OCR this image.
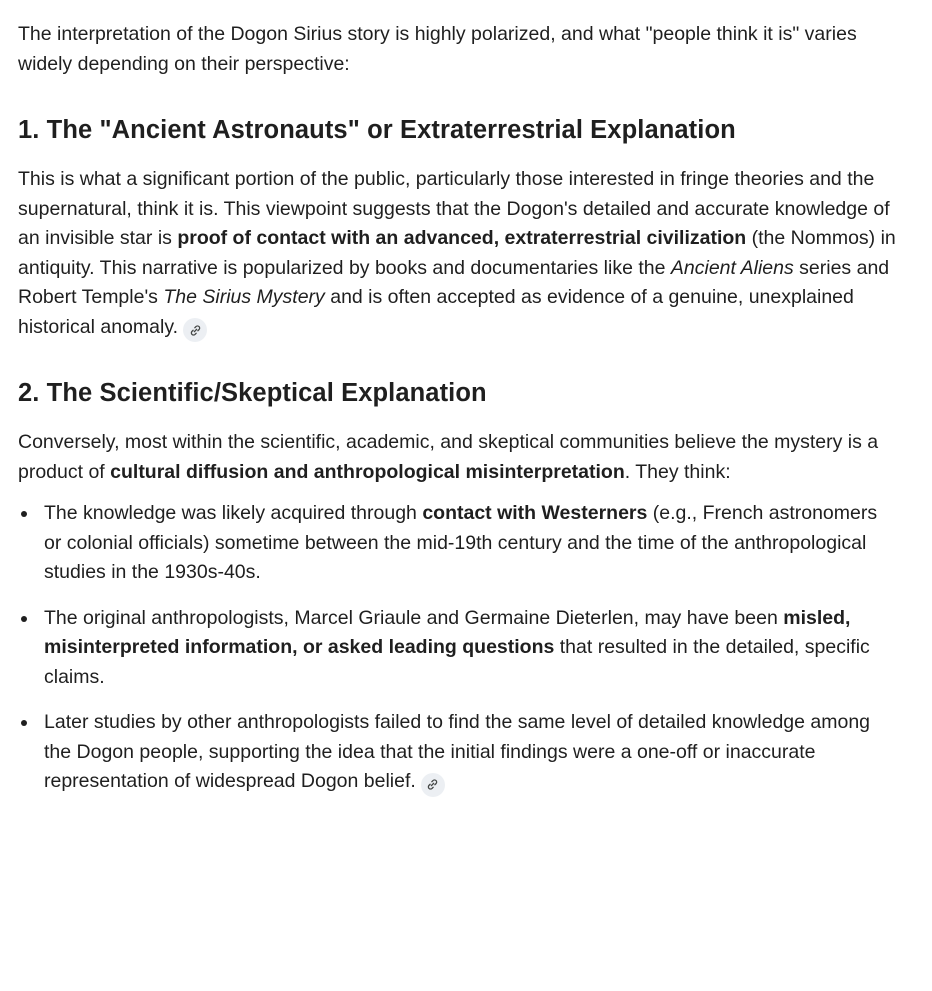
The interpretation of the Dogon Sirius story is highly polarized, and what "people think it is" varies widely depending on their perspective:

1. The "Ancient Astronauts" or Extraterrestrial Explanation

This is what a significant portion of the public, particularly those interested in fringe theories and the supernatural, think it is. This viewpoint suggests that the Dogon's detailed and accurate knowledge of an invisible star is proof of contact with an advanced, extraterrestrial civilization (the Nommos) in antiquity. This narrative is popularized by books and documentaries like the Ancient Aliens series and Robert Temple's The Sirius Mystery and is often accepted as evidence of a genuine, unexplained historical anomaly.

2. The Scientific/Skeptical Explanation

Conversely, most within the scientific, academic, and skeptical communities believe the mystery is a product of cultural diffusion and anthropological misinterpretation. They think:

The knowledge was likely acquired through contact with Westerners (e.g., French astronomers or colonial officials) sometime between the mid-19th century and the time of the anthropological studies in the 1930s-40s.
The original anthropologists, Marcel Griaule and Germaine Dieterlen, may have been misled, misinterpreted information, or asked leading questions that resulted in the detailed, specific claims.
Later studies by other anthropologists failed to find the same level of detailed knowledge among the Dogon people, supporting the idea that the initial findings were a one-off or inaccurate representation of widespread Dogon belief.
